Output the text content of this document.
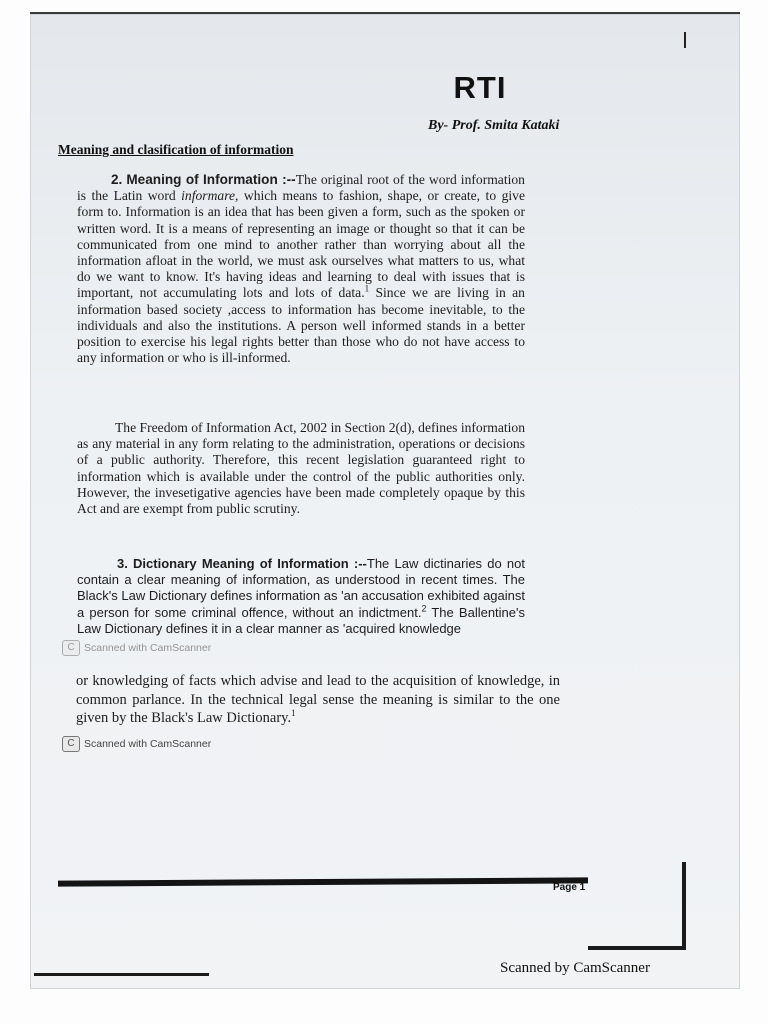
RTI
By- Prof. Smita Kataki
Meaning and clasification of information
2. Meaning of Information :--The original root of the word information is the Latin word informare, which means to fashion, shape, or create, to give form to. Information is an idea that has been given a form, such as the spoken or written word. It is a means of representing an image or thought so that it can be communicated from one mind to another rather than worrying about all the information afloat in the world, we must ask ourselves what matters to us, what do we want to know. It's having ideas and learning to deal with issues that is important, not accumulating lots and lots of data.$^1$ Since we are living in an information based society ,access to information has become inevitable, to the individuals and also the institutions. A person well informed stands in a better position to exercise his legal rights better than those who do not have access to any information or who is ill-informed.
The Freedom of Information Act, 2002 in Section 2(d), defines information as any material in any form relating to the administration, operations or decisions of a public authority. Therefore, this recent legislation guaranteed right to information which is available under the control of the public authorities only. However, the invesetigative agencies have been made completely opaque by this Act and are exempt from public scrutiny.
3. Dictionary Meaning of Information :--The Law dictinaries do not contain a clear meaning of information, as understood in recent times. The Black's Law Dictionary defines information as 'an accusation exhibited against a person for some criminal offence, without an indictment.$^2$ The Ballentine's Law Dictionary defines it in a clear manner as 'acquired knowledge
C Scanned with CamScanner
or knowledging of facts which advise and lead to the acquisition of knowledge, in common parlance. In the technical legal sense the meaning is similar to the one given by the Black's Law Dictionary.$^1$
C Scanned with CamScanner
Page 1
Scanned by CamScanner
